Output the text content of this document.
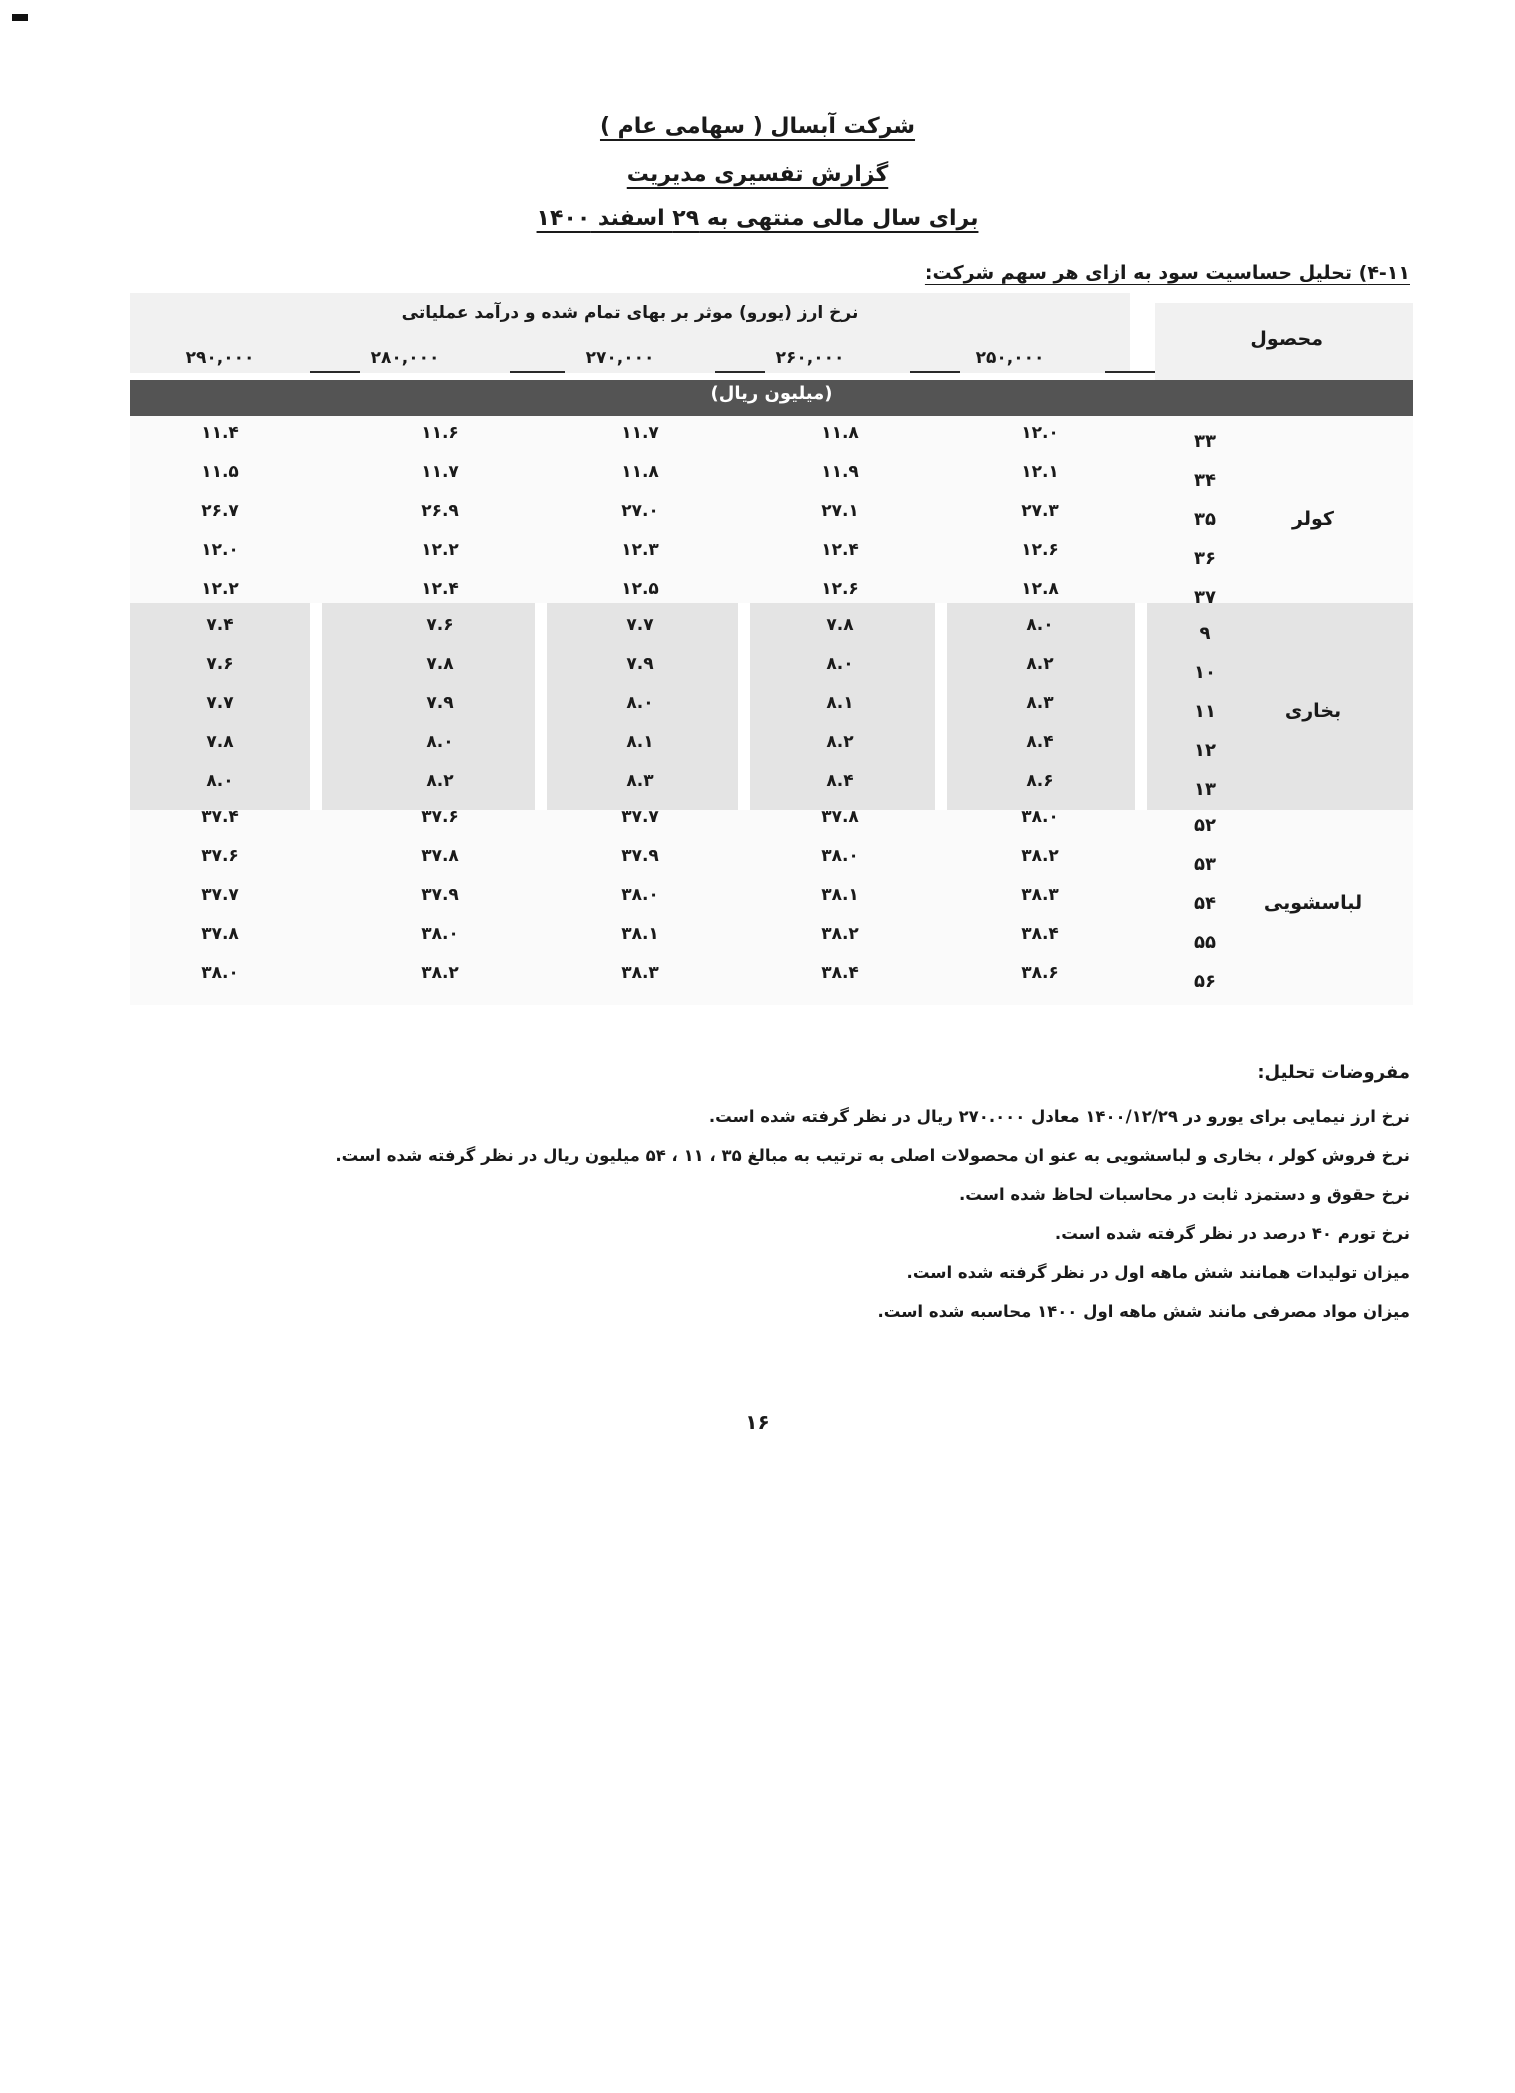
شرکت آبسال ( سهامی عام )
گزارش تفسیری مدیریت
برای سال مالی منتهی به ۲۹ اسفند ۱۴۰۰
۴-۱۱) تحلیل حساسیت سود به ازای هر سهم شرکت:
نرخ ارز (یورو) موثر بر بهای تمام شده و درآمد عملیاتی
محصول
۲۹۰,۰۰۰	۲۸۰,۰۰۰	۲۷۰,۰۰۰	۲۶۰,۰۰۰	۲۵۰,۰۰۰
(میلیون ریال)
۱۱.۴	۱۱.۶	۱۱.۷	۱۱.۸	۱۲.۰	۳۳
۱۱.۵	۱۱.۷	۱۱.۸	۱۱.۹	۱۲.۱	۳۴
۲۶.۷	۲۶.۹	۲۷.۰	۲۷.۱	۲۷.۳	۳۵
۱۲.۰	۱۲.۲	۱۲.۳	۱۲.۴	۱۲.۶	۳۶
۱۲.۲	۱۲.۴	۱۲.۵	۱۲.۶	۱۲.۸	۳۷
کولر
۷.۴	۷.۶	۷.۷	۷.۸	۸.۰	۹
۷.۶	۷.۸	۷.۹	۸.۰	۸.۲	۱۰
۷.۷	۷.۹	۸.۰	۸.۱	۸.۳	۱۱
۷.۸	۸.۰	۸.۱	۸.۲	۸.۴	۱۲
۸.۰	۸.۲	۸.۳	۸.۴	۸.۶	۱۳
بخاری
۳۷.۴	۳۷.۶	۳۷.۷	۳۷.۸	۳۸.۰	۵۲
۳۷.۶	۳۷.۸	۳۷.۹	۳۸.۰	۳۸.۲	۵۳
۳۷.۷	۳۷.۹	۳۸.۰	۳۸.۱	۳۸.۳	۵۴
۳۷.۸	۳۸.۰	۳۸.۱	۳۸.۲	۳۸.۴	۵۵
۳۸.۰	۳۸.۲	۳۸.۳	۳۸.۴	۳۸.۶	۵۶
لباسشویی
مفروضات تحلیل:
نرخ ارز نیمایی برای یورو در ۱۴۰۰/۱۲/۲۹ معادل ۲۷۰.۰۰۰ ریال در نظر گرفته شده است.
نرخ فروش کولر ، بخاری و لباسشویی به عنو ان محصولات اصلی به ترتیب به مبالغ ۳۵ ، ۱۱ ، ۵۴ میلیون ریال در نظر گرفته شده است.
نرخ حقوق و دستمزد ثابت در محاسبات لحاظ شده است.
نرخ تورم ۴۰ درصد در نظر گرفته شده است.
میزان تولیدات همانند شش ماهه اول در نظر گرفته شده است.
میزان مواد مصرفی مانند شش ماهه اول ۱۴۰۰ محاسبه شده است.
۱۶
